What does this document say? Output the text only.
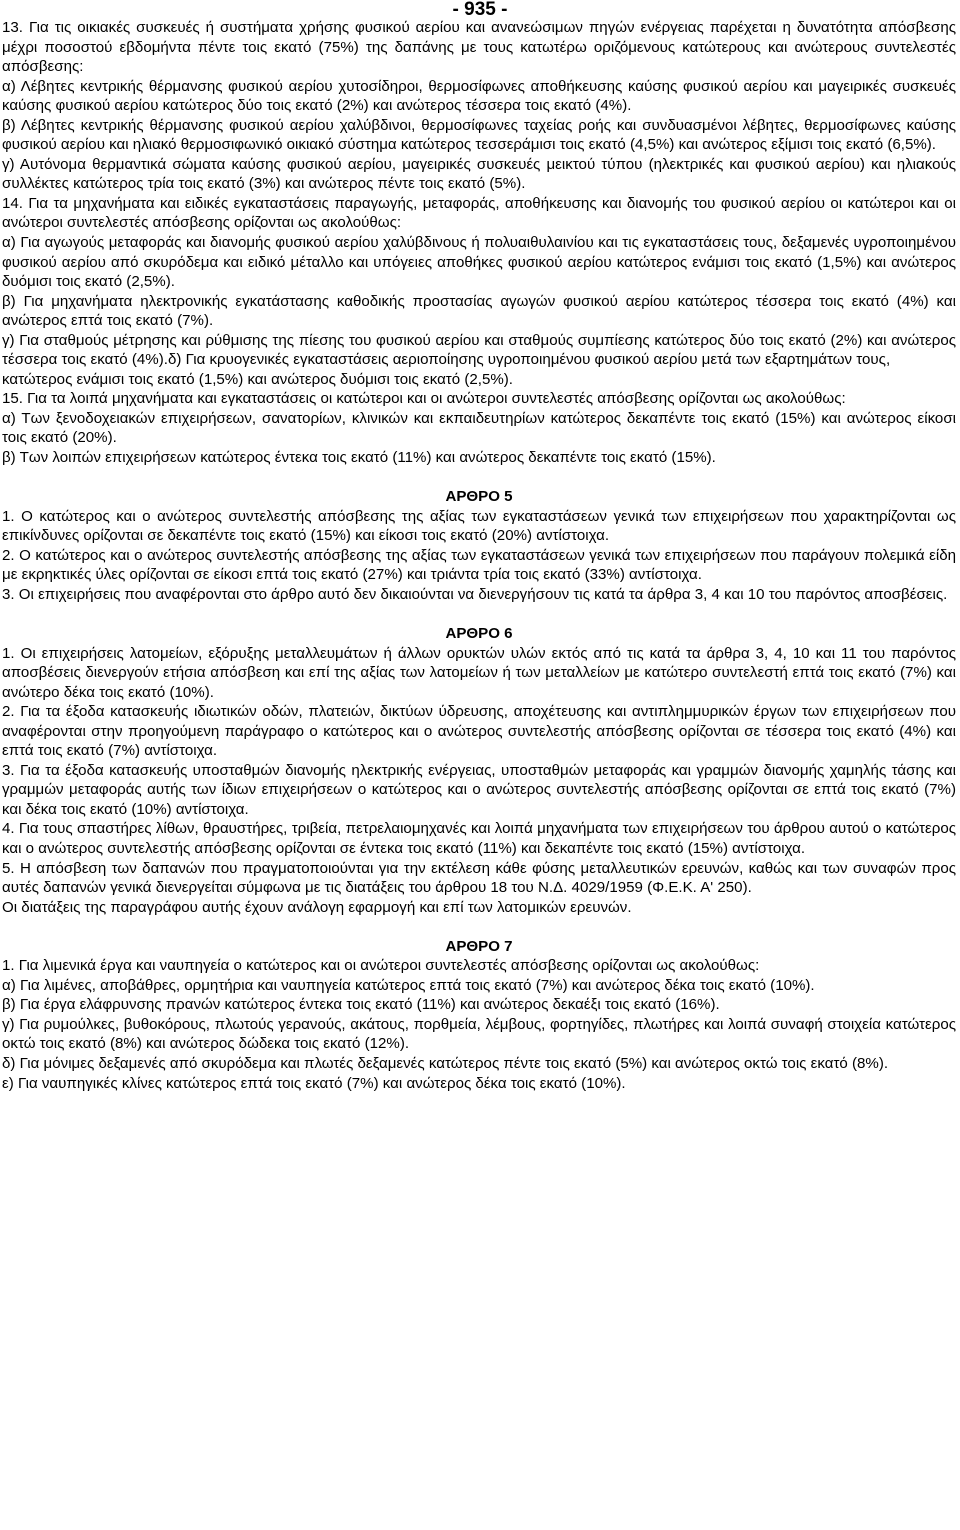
- 935 -

13. Για τις οικιακές συσκευές ή συστήματα χρήσης φυσικού αερίου και ανανεώσιμων πηγών ενέργειας παρέχεται η δυνατότητα απόσβεσης μέχρι ποσοστού εβδομήντα πέντε τοις εκατό (75%) της δαπάνης με τους κατωτέρω οριζόμενους κατώτερους και ανώτερους συντελεστές απόσβεσης:

α) Λέβητες κεντρικής θέρμανσης φυσικού αερίου χυτοσίδηροι, θερμοσίφωνες αποθήκευσης καύσης φυσικού αερίου και μαγειρικές συσκευές καύσης φυσικού αερίου κατώτερος δύο τοις εκατό (2%) και ανώτερος τέσσερα τοις εκατό (4%).

β) Λέβητες κεντρικής θέρμανσης φυσικού αερίου χαλύβδινοι, θερμοσίφωνες ταχείας ροής και συνδυασμένοι λέβητες, θερμοσίφωνες καύσης φυσικού αερίου και ηλιακό θερμοσιφωνικό οικιακό σύστημα κατώτερος τεσσεράμισι τοις εκατό (4,5%) και ανώτερος εξίμισι τοις εκατό (6,5%).

γ) Αυτόνομα θερμαντικά σώματα καύσης φυσικού αερίου, μαγειρικές συσκευές μεικτού τύπου (ηλεκτρικές και φυσικού αερίου) και ηλιακούς συλλέκτες κατώτερος τρία τοις εκατό (3%) και ανώτερος πέντε τοις εκατό (5%).

14. Για τα μηχανήματα και ειδικές εγκαταστάσεις παραγωγής, μεταφοράς, αποθήκευσης και διανομής του φυσικού αερίου οι κατώτεροι και οι ανώτεροι συντελεστές απόσβεσης ορίζονται ως ακολούθως:

α) Για αγωγούς μεταφοράς και διανομής φυσικού αερίου χαλύβδινους ή πολυαιθυλαινίου και τις εγκαταστάσεις τους, δεξαμενές υγροποιημένου φυσικού αερίου από σκυρόδεμα και ειδικό μέταλλο και υπόγειες αποθήκες φυσικού αερίου κατώτερος ενάμισι τοις εκατό (1,5%) και ανώτερος δυόμισι τοις εκατό (2,5%).

β) Για μηχανήματα ηλεκτρονικής εγκατάστασης καθοδικής προστασίας αγωγών φυσικού αερίου κατώτερος τέσσερα τοις εκατό (4%) και ανώτερος επτά τοις εκατό (7%).

γ) Για σταθμούς μέτρησης και ρύθμισης της πίεσης του φυσικού αερίου και σταθμούς συμπίεσης κατώτερος δύο τοις εκατό (2%) και ανώτερος τέσσερα τοις εκατό (4%).δ) Για κρυογενικές εγκαταστάσεις αεριοποίησης υγροποιημένου φυσικού αερίου μετά των εξαρτημάτων τους,

κατώτερος ενάμισι τοις εκατό (1,5%) και ανώτερος δυόμισι τοις εκατό (2,5%).

15. Για τα λοιπά μηχανήματα και εγκαταστάσεις οι κατώτεροι και οι ανώτεροι συντελεστές απόσβεσης ορίζονται ως ακολούθως:

α) Των ξενοδοχειακών επιχειρήσεων, σανατορίων, κλινικών και εκπαιδευτηρίων κατώτερος δεκαπέντε τοις εκατό (15%) και ανώτερος είκοσι τοις εκατό (20%).

β) Των λοιπών επιχειρήσεων κατώτερος έντεκα τοις εκατό (11%) και ανώτερος δεκαπέντε τοις εκατό (15%).

ΑΡΘΡΟ 5

1. Ο κατώτερος και ο ανώτερος συντελεστής απόσβεσης της αξίας των εγκαταστάσεων γενικά των επιχειρήσεων που χαρακτηρίζονται ως επικίνδυνες ορίζονται σε δεκαπέντε τοις εκατό (15%) και είκοσι τοις εκατό (20%) αντίστοιχα.

2. Ο κατώτερος και ο ανώτερος συντελεστής απόσβεσης της αξίας των εγκαταστάσεων γενικά των επιχειρήσεων που παράγουν πολεμικά είδη με εκρηκτικές ύλες ορίζονται σε είκοσι επτά τοις εκατό (27%) και τριάντα τρία τοις εκατό (33%) αντίστοιχα.

3. Οι επιχειρήσεις που αναφέρονται στο άρθρο αυτό δεν δικαιούνται να διενεργήσουν τις κατά τα άρθρα 3, 4 και 10 του παρόντος αποσβέσεις.

ΑΡΘΡΟ 6

1. Οι επιχειρήσεις λατομείων, εξόρυξης μεταλλευμάτων ή άλλων ορυκτών υλών εκτός από τις κατά τα άρθρα 3, 4, 10 και 11 του παρόντος αποσβέσεις διενεργούν ετήσια απόσβεση και επί της αξίας των λατομείων ή των μεταλλείων με κατώτερο συντελεστή επτά τοις εκατό (7%) και ανώτερο δέκα τοις εκατό (10%).

2. Για τα έξοδα κατασκευής ιδιωτικών οδών, πλατειών, δικτύων ύδρευσης, αποχέτευσης και αντιπλημμυρικών έργων των επιχειρήσεων που αναφέρονται στην προηγούμενη παράγραφο ο κατώτερος και ο ανώτερος συντελεστής απόσβεσης ορίζονται σε τέσσερα τοις εκατό (4%) και επτά τοις εκατό (7%) αντίστοιχα.

3. Για τα έξοδα κατασκευής υποσταθμών διανομής ηλεκτρικής ενέργειας, υποσταθμών μεταφοράς και γραμμών διανομής χαμηλής τάσης και γραμμών μεταφοράς αυτής των ίδιων επιχειρήσεων ο κατώτερος και ο ανώτερος συντελεστής απόσβεσης ορίζονται σε επτά τοις εκατό (7%) και δέκα τοις εκατό (10%) αντίστοιχα.

4. Για τους σπαστήρες λίθων, θραυστήρες, τριβεία, πετρελαιομηχανές και λοιπά μηχανήματα των επιχειρήσεων του άρθρου αυτού ο κατώτερος και ο ανώτερος συντελεστής απόσβεσης ορίζονται σε έντεκα τοις εκατό (11%) και δεκαπέντε τοις εκατό (15%) αντίστοιχα.

5. Η απόσβεση των δαπανών που πραγματοποιούνται για την εκτέλεση κάθε φύσης μεταλλευτικών ερευνών, καθώς και των συναφών προς αυτές δαπανών γενικά διενεργείται σύμφωνα με τις διατάξεις του άρθρου 18 του Ν.Δ. 4029/1959 (Φ.Ε.Κ. Α' 250).

Οι διατάξεις της παραγράφου αυτής έχουν ανάλογη εφαρμογή και επί των λατομικών ερευνών.

ΑΡΘΡΟ 7

1. Για λιμενικά έργα και ναυπηγεία ο κατώτερος και οι ανώτεροι συντελεστές απόσβεσης ορίζονται ως ακολούθως:

α) Για λιμένες, αποβάθρες, ορμητήρια και ναυπηγεία κατώτερος επτά τοις εκατό (7%) και ανώτερος δέκα τοις εκατό (10%).

β) Για έργα ελάφρυνσης πρανών κατώτερος έντεκα τοις εκατό (11%) και ανώτερος δεκαέξι τοις εκατό (16%).

γ) Για ρυμούλκες, βυθοκόρους, πλωτούς γερανούς, ακάτους, πορθμεία, λέμβους, φορτηγίδες, πλωτήρες και λοιπά συναφή στοιχεία κατώτερος οκτώ τοις εκατό (8%) και ανώτερος δώδεκα τοις εκατό (12%).

δ) Για μόνιμες δεξαμενές από σκυρόδεμα και πλωτές δεξαμενές κατώτερος πέντε τοις εκατό (5%) και ανώτερος οκτώ τοις εκατό (8%).

ε) Για ναυπηγικές κλίνες κατώτερος επτά τοις εκατό (7%) και ανώτερος δέκα τοις εκατό (10%).
